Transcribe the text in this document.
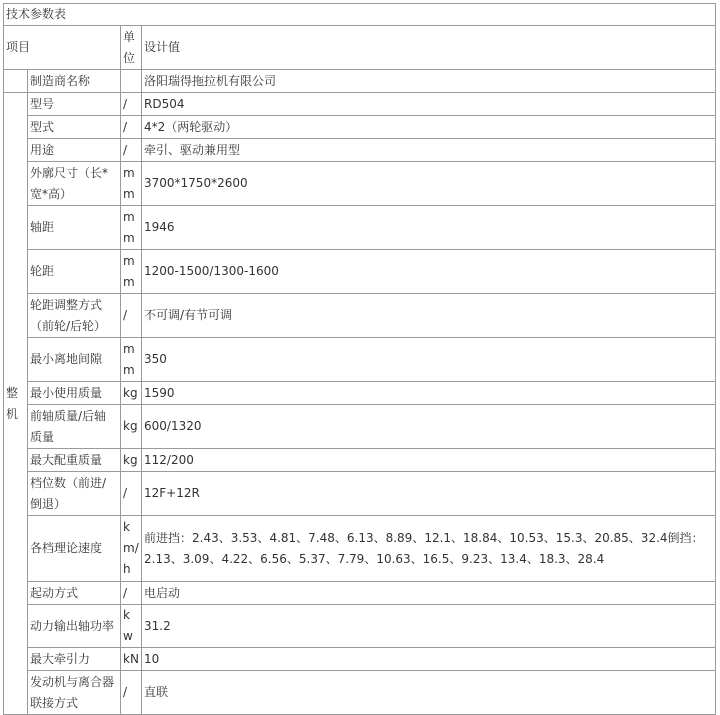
技术参数表			
项目		单位	设计值
	制造商名称		洛阳瑞得拖拉机有限公司
整机	型号	/	RD504
	型式	/	4*2（两轮驱动）
	用途	/	牵引、驱动兼用型
	外廓尺寸（长*宽*高）	mm	3700*1750*2600
	轴距	mm	1946
	轮距	mm	1200-1500/1300-1600
	轮距调整方式（前轮/后轮）	/	不可调/有节可调
	最小离地间隙	mm	350
	最小使用质量	kg	1590
	前轴质量/后轴质量	kg	600/1320
	最大配重质量	kg	112/200
	档位数（前进/倒退）	/	12F+12R
	各档理论速度	km/h	前进挡：2.43、3.53、4.81、7.48、6.13、8.89、12.1、18.84、10.53、15.3、20.85、32.4倒挡：2.13、3.09、4.22、6.56、5.37、7.79、10.63、16.5、9.23、13.4、18.3、28.4
	起动方式	/	电启动
	动力输出轴功率	kw	31.2
	最大牵引力	kN	10
	发动机与离合器联接方式	/	直联
